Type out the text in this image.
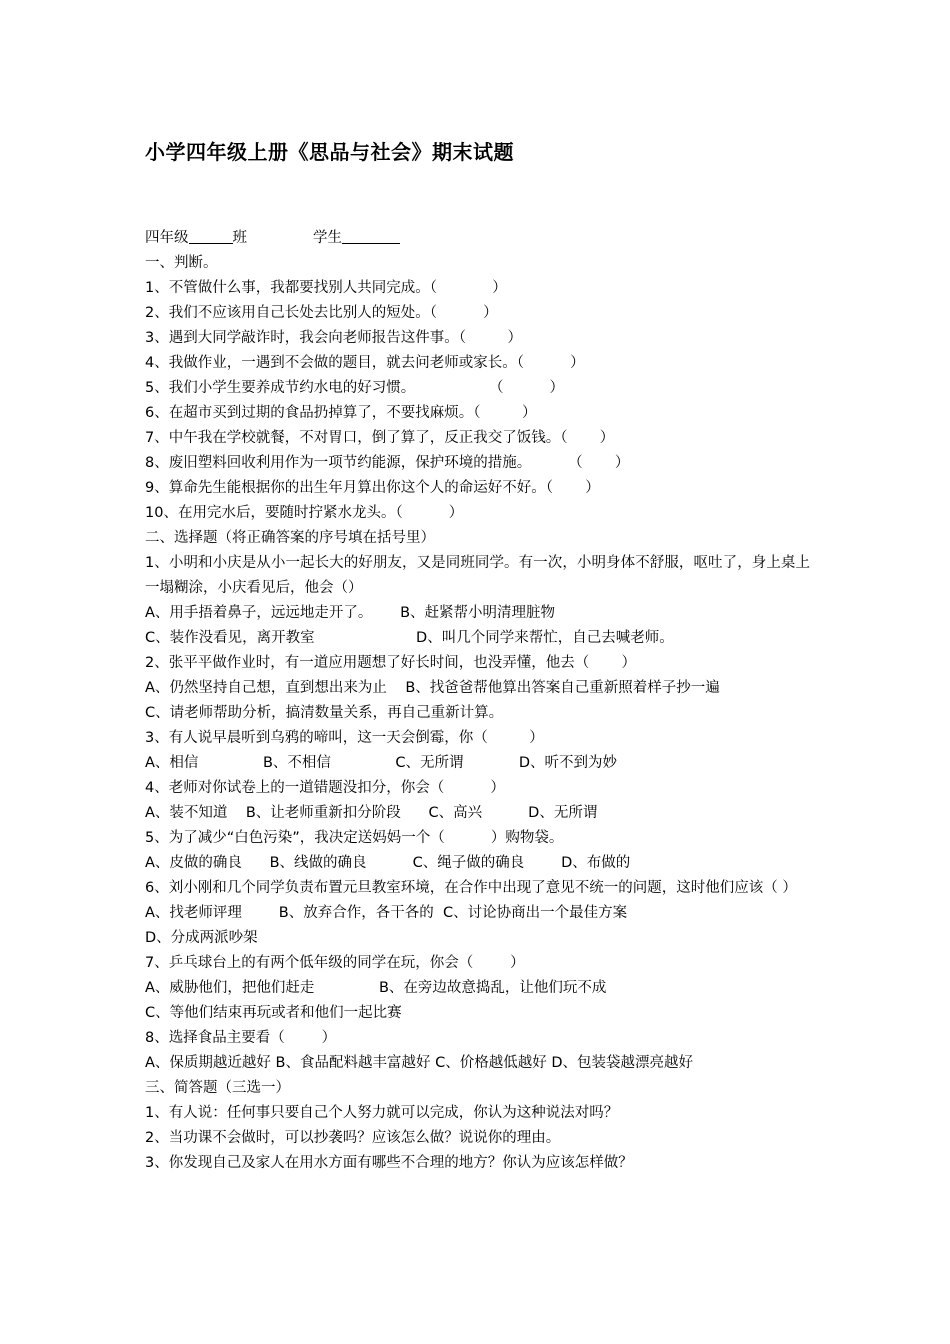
小学四年级上册《思品与社会》期末试题
四年级	班	学生
一、判断。
1、不管做什么事，我都要找别人共同完成。（            ）
2、我们不应该用自己长处去比别人的短处。（          ）
3、遇到大同学敲诈时，我会向老师报告这件事。（         ）
4、我做作业，一遇到不会做的题目，就去问老师或家长。（          ）
5、我们小学生要养成节约水电的好习惯。                （          ）
6、在超市买到过期的食品扔掉算了，不要找麻烦。（         ）
7、中午我在学校就餐，不对胃口，倒了算了，反正我交了饭钱。（       ）
8、废旧塑料回收利用作为一项节约能源，保护环境的措施。        （       ）
9、算命先生能根据你的出生年月算出你这个人的命运好不好。（       ）
10、在用完水后，要随时拧紧水龙头。（          ）
二、选择题（将正确答案的序号填在括号里）
1、小明和小庆是从小一起长大的好朋友，又是同班同学。有一次，小明身体不舒服，呕吐了，身上桌上一塌糊涂，小庆看见后，他会（）
A、用手捂着鼻子，远远地走开了。      B、赶紧帮小明清理脏物
C、装作没看见，离开教室                      D、叫几个同学来帮忙，自己去喊老师。
2、张平平做作业时，有一道应用题想了好长时间，也没弄懂，他去（       ）
A、仍然坚持自己想，直到想出来为止    B、找爸爸帮他算出答案自己重新照着样子抄一遍
C、请老师帮助分析，搞清数量关系，再自己重新计算。
3、有人说早晨听到乌鸦的啼叫，这一天会倒霉，你（         ）
A、相信              B、不相信              C、无所谓            D、听不到为妙
4、老师对你试卷上的一道错题没扣分，你会（          ）
A、装不知道    B、让老师重新扣分阶段      C、高兴          D、无所谓
5、为了减少“白色污染”，我决定送妈妈一个（          ）购物袋。
A、皮做的确良      B、线做的确良          C、绳子做的确良        D、布做的
6、刘小刚和几个同学负责布置元旦教室环境，在合作中出现了意见不统一的问题，这时他们应该（ ）
A、找老师评理        B、放弃合作，各干各的  C、讨论协商出一个最佳方案
D、分成两派吵架
7、乒乓球台上的有两个低年级的同学在玩，你会（        ）
A、威胁他们，把他们赶走              B、在旁边故意捣乱，让他们玩不成
C、等他们结束再玩或者和他们一起比赛
8、选择食品主要看（        ）
A、保质期越近越好 B、食品配料越丰富越好 C、价格越低越好 D、包装袋越漂亮越好
三、简答题（三选一）
1、有人说：任何事只要自己个人努力就可以完成，你认为这种说法对吗？
2、当功课不会做时，可以抄袭吗？应该怎么做？说说你的理由。
3、你发现自己及家人在用水方面有哪些不合理的地方？你认为应该怎样做？
